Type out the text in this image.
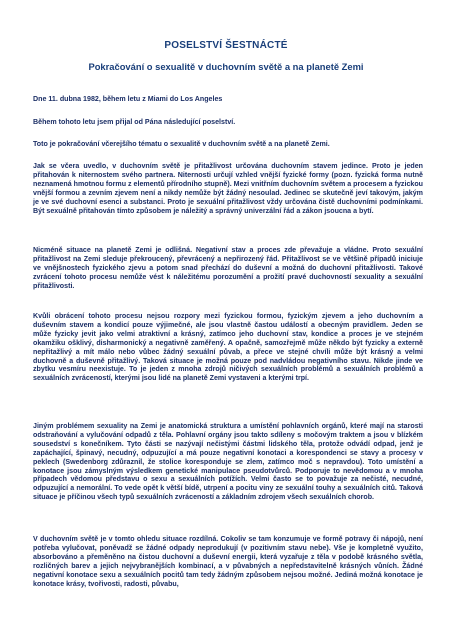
POSELSTVÍ ŠESTNÁCTÉ
Pokračování o sexualitě v duchovním světě a na planetě Zemi

Dne 11. dubna 1982, během letu z Miami do Los Angeles

Během tohoto letu jsem přijal od Pána následující poselství.

Toto je pokračování včerejšího tématu o sexualitě v duchovním světě a na planetě Zemi.

Jak se včera uvedlo, v duchovním světě je přitažlivost určována duchovním stavem jedince. Proto je jeden přitahován k niternostem svého partnera. Niternosti určují vzhled vnější fyzické formy (pozn. fyzická forma nutně neznamená hmotnou formu z elementů přírodního stupně). Mezi vnitřním duchovním světem a procesem a fyzickou vnější formou a zevním zjevem není a nikdy nemůže být žádný nesoulad. Jedinec se skutečně jeví takovým, jakým je ve své duchovní esenci a substanci. Proto je sexuální přitažlivost vždy určována čistě duchovními podmínkami. Být sexuálně přitahován tímto způsobem je náležitý a správný univerzální řád a zákon jsoucna a bytí.

Nicméně situace na planetě Zemi je odlišná. Negativní stav a proces zde převažuje a vládne. Proto sexuální přitažlivost na Zemi sleduje překroucený, převrácený a nepřirozený řád. Přitažlivost se ve většině případů iniciuje ve vnějšnostech fyzického zjevu a potom snad přechází do duševní a možná do duchovní přitažlivosti. Takové zvrácení tohoto procesu nemůže vést k náležitému porozumění a prožití pravé duchovností sexuality a sexuální přitažlivosti.

Kvůli obrácení tohoto procesu nejsou rozpory mezi fyzickou formou, fyzickým zjevem a jeho duchovním a duševním stavem a kondicí pouze výjimečné, ale jsou vlastně častou událostí a obecným pravidlem. Jeden se může fyzicky jevit jako velmi atraktivní a krásný, zatímco jeho duchovní stav, kondice a proces je ve stejném okamžiku ošklivý, disharmonický a negativně zaměřený. A opačně, samozřejmě může někdo být fyzicky a externě nepřitažlivý a mít málo nebo vůbec žádný sexuální půvab, a přece ve stejné chvíli může být krásný a velmi duchovně a duševně přitažlivý. Taková situace je možná pouze pod nadvládou negativního stavu. Nikde jinde ve zbytku vesmíru neexistuje. To je jeden z mnoha zdrojů ničivých sexuálních problémů a sexuálních problémů a sexuálních zvráceností, kterými jsou lidé na planetě Zemi vystaveni a kterými trpí.

Jiným problémem sexuality na Zemi je anatomická struktura a umístění pohlavních orgánů, které mají na starosti odstraňování a vylučování odpadů z těla. Pohlavní orgány jsou takto sdíleny s močovým traktem a jsou v blízkém sousedství s konečníkem. Tyto části se nazývají nečistými částmi lidského těla, protože odvádí odpad, jenž je zapáchající, špinavý, necudný, odpuzující a má pouze negativní konotaci a korespondenci se stavy a procesy v peklech (Swedenborg zdůraznil, že stolice koresponduje se zlem, zatímco moč s nepravdou). Toto umístění a konotace jsou zámyslným výsledkem genetické manipulace pseudotvůrců. Podporuje to nevědomou a v mnoha případech vědomou představu o sexu a sexuálních potížích. Velmi často se to považuje za nečisté, necudné, odpuzující a nemorální. To vede opět k větší bídě, utrpení a pocitu viny ze sexuální touhy a sexuálních citů. Taková situace je příčinou všech typů sexuálních zvráceností a základním zdrojem všech sexuálních chorob.

V duchovním světě je v tomto ohledu situace rozdílná. Cokoliv se tam konzumuje ve formě potravy či nápojů, není potřeba vylučovat, poněvadž se žádné odpady neprodukují (v pozitivním stavu nebe). Vše je kompletně využito, absorbováno a přeměněno na čistou duchovní a duševní energii, která vyzařuje z těla v podobě krásného světla, rozličných barev a jejich nejvybranějších kombinací, a v půvabných a nepředstavitelně krásných vůních. Žádné negativní konotace sexu a sexuálních pocitů tam tedy žádným způsobem nejsou možné. Jediná možná konotace je konotace krásy, tvořivosti, radosti, půvabu,
